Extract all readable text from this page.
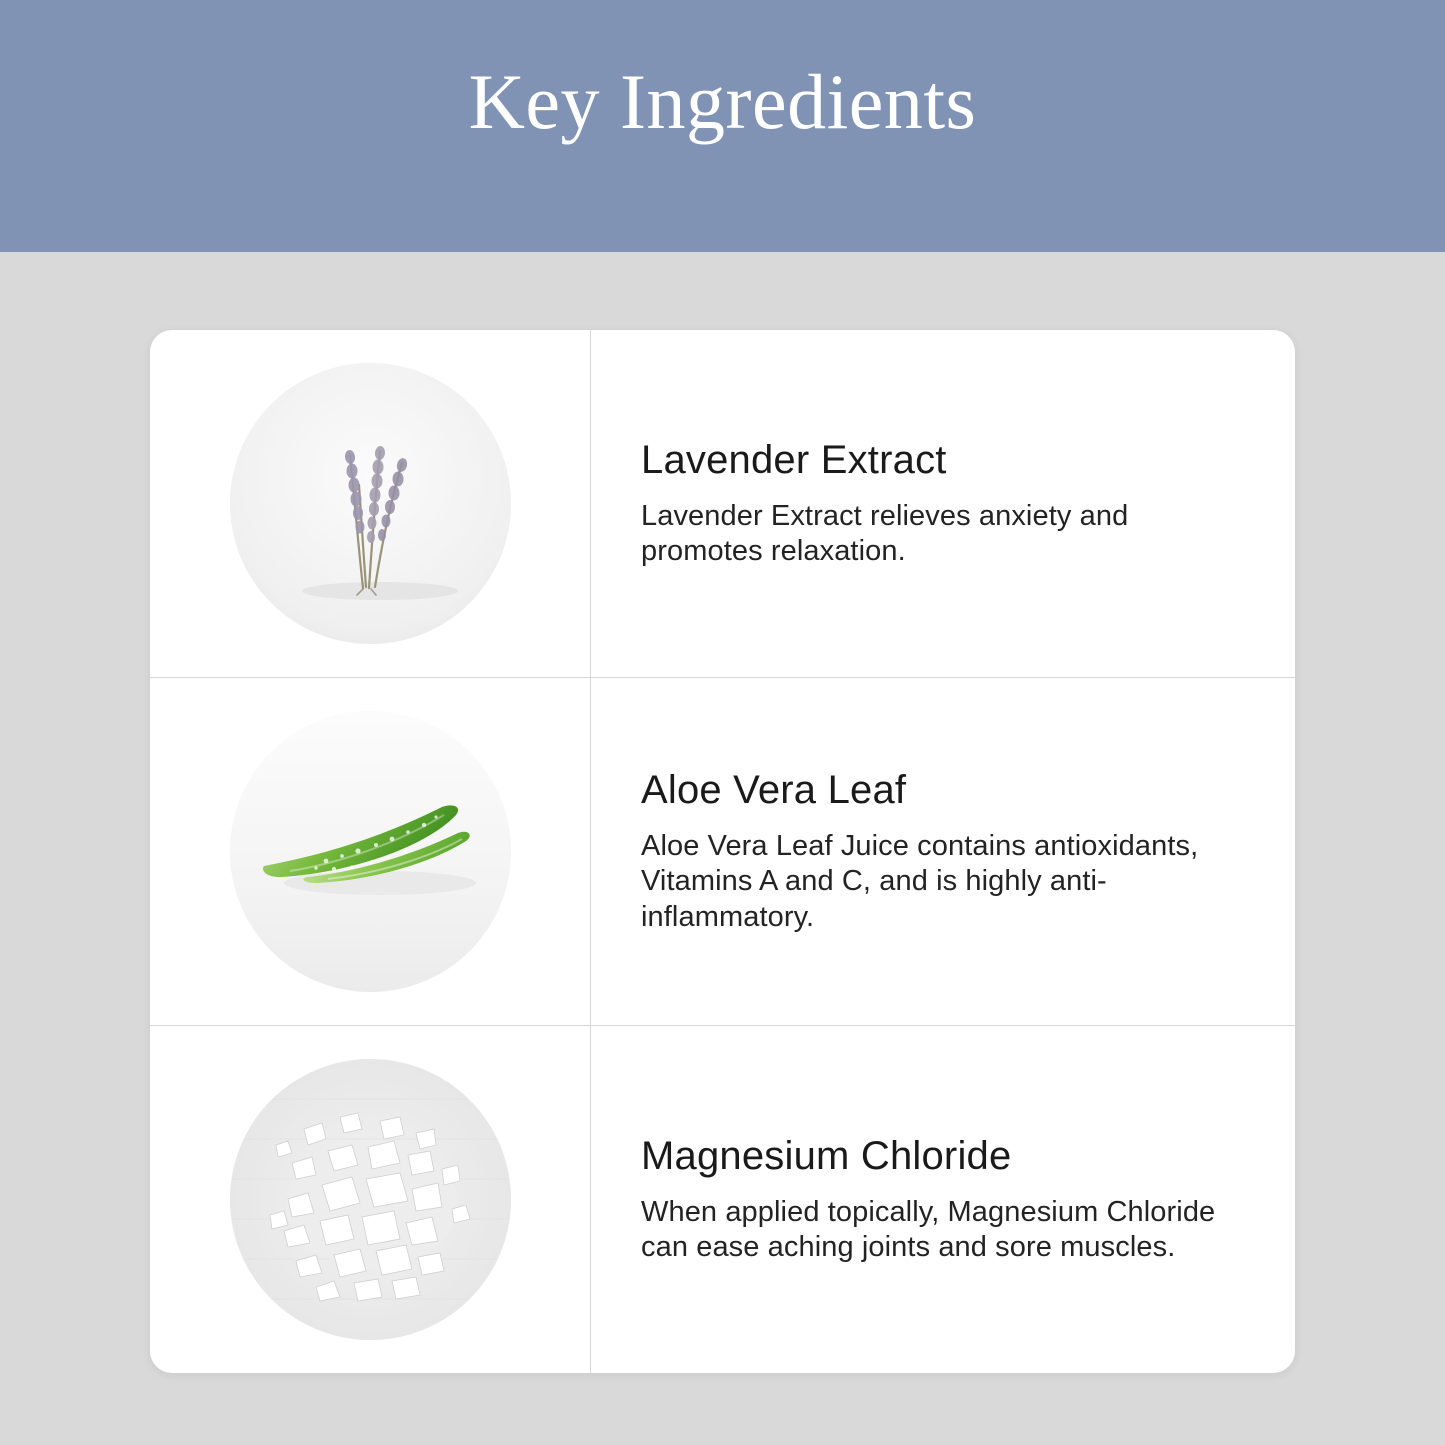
Key Ingredients
Lavender Extract
Lavender Extract relieves anxiety and promotes relaxation.
Aloe Vera Leaf
Aloe Vera Leaf Juice contains antioxidants, Vitamins A and C, and is highly anti-inflammatory.
Magnesium Chloride
When applied topically, Magnesium Chloride can ease aching joints and sore muscles.
